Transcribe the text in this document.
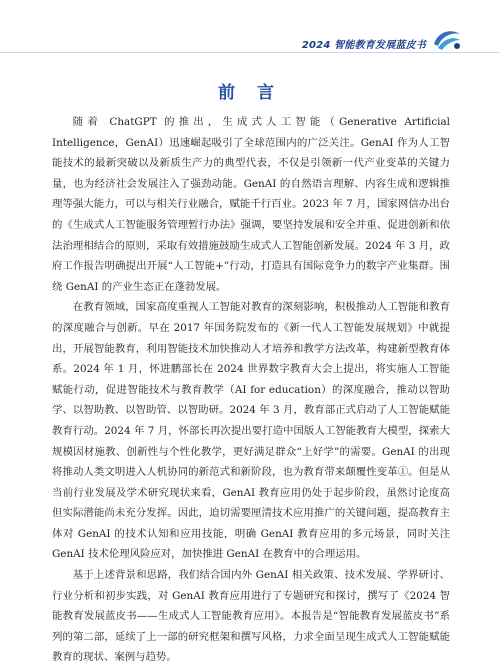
2024 智能教育发展蓝皮书
前 言

随着 ChatGPT 的推出，生成式人工智能（Generative Artificial Intelligence，GenAI）迅速崛起吸引了全球范围内的广泛关注。GenAI 作为人工智能技术的最新突破以及新质生产力的典型代表，不仅是引领新一代产业变革的关键力量，也为经济社会发展注入了强劲动能。GenAI 的自然语言理解、内容生成和逻辑推理等强大能力，可以与相关行业融合，赋能千行百业。2023 年 7 月，国家网信办出台的《生成式人工智能服务管理暂行办法》强调，要坚持发展和安全并重、促进创新和依法治理相结合的原则，采取有效措施鼓励生成式人工智能创新发展。2024 年 3 月，政府工作报告明确提出开展“人工智能+”行动，打造具有国际竞争力的数字产业集群。围绕 GenAI 的产业生态正在蓬勃发展。

在教育领域，国家高度重视人工智能对教育的深刻影响，积极推动人工智能和教育的深度融合与创新。早在 2017 年国务院发布的《新一代人工智能发展规划》中就提出，开展智能教育，利用智能技术加快推动人才培养和教学方法改革，构建新型教育体系。2024 年 1 月，怀进鹏部长在 2024 世界数字教育大会上提出，将实施人工智能赋能行动，促进智能技术与教育教学（AI for education）的深度融合，推动以智助学、以智助教、以智助管、以智助研。2024 年 3 月，教育部正式启动了人工智能赋能教育行动。2024 年 7 月，怀部长再次提出要打造中国版人工智能教育大模型，探索大规模因材施教、创新性与个性化教学，更好满足群众“上好学”的需要。GenAI 的出现将推动人类文明进入人机协同的新范式和新阶段，也为教育带来颠覆性变革①。但是从当前行业发展及学术研究现状来看，GenAI 教育应用仍处于起步阶段，虽然讨论度高但实际潜能尚未充分发挥。因此，迫切需要厘清技术应用推广的关键问题，提高教育主体对 GenAI 的技术认知和应用技能，明确 GenAI 教育应用的多元场景，同时关注 GenAI 技术伦理风险应对，加快推进 GenAI 在教育中的合理运用。

基于上述背景和思路，我们结合国内外 GenAI 相关政策、技术发展、学界研讨、行业分析和初步实践，对 GenAI 教育应用进行了专题研究和探讨，撰写了《2024 智能教育发展蓝皮书——生成式人工智能教育应用》。本报告是“智能教育发展蓝皮书”系列的第二部，延续了上一部的研究框架和撰写风格，力求全面呈现生成式人工智能赋能教育的现状、案例与趋势。
